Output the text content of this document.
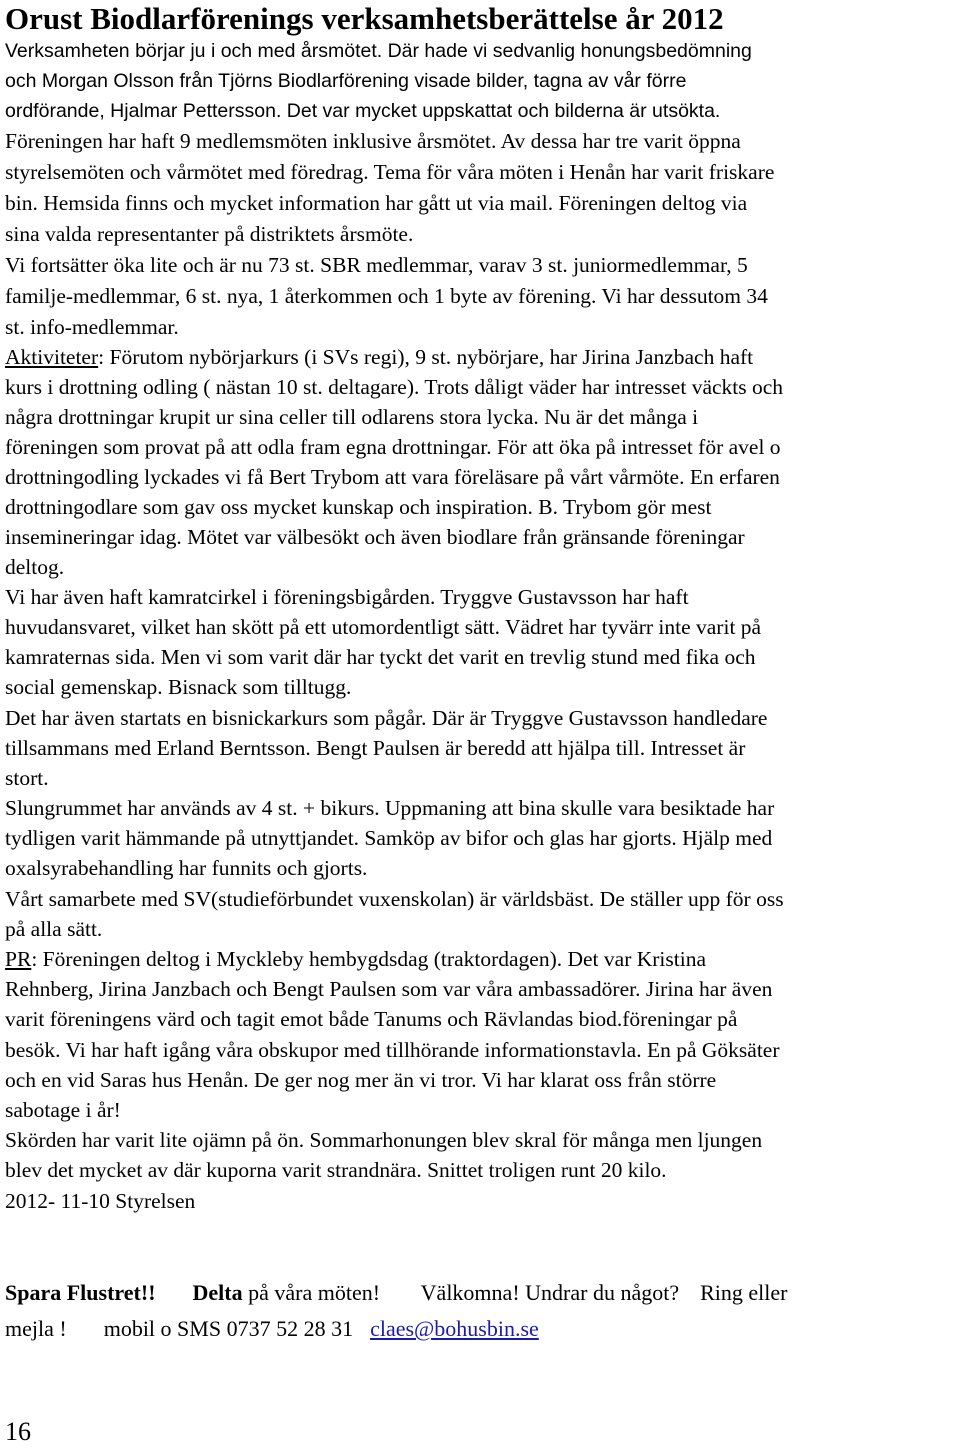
Orust Biodlarförenings verksamhetsberättelse år 2012

Verksamheten börjar ju i och med årsmötet. Där hade vi sedvanlig honungsbedömning

och Morgan Olsson från Tjörns Biodlarförening visade bilder, tagna av vår förre

ordförande, Hjalmar Pettersson. Det var mycket uppskattat och bilderna är utsökta.

Föreningen har haft 9 medlemsmöten inklusive årsmötet. Av dessa har tre varit öppna

styrelsemöten och vårmötet med föredrag. Tema för våra möten i Henån har varit friskare

bin. Hemsida finns och mycket information har gått ut via mail. Föreningen deltog via

sina valda representanter på distriktets årsmöte.

Vi fortsätter öka lite och är nu 73 st. SBR medlemmar, varav 3 st. juniormedlemmar, 5

familje-medlemmar, 6 st. nya, 1 återkommen och 1 byte av förening. Vi har dessutom 34

st. info-medlemmar.

Aktiviteter: Förutom nybörjarkurs (i SVs regi), 9 st. nybörjare, har Jirina Janzbach haft

kurs i drottning odling ( nästan 10 st. deltagare). Trots dåligt väder har intresset väckts och

några drottningar krupit ur sina celler till odlarens stora lycka. Nu är det många i

föreningen som provat på att odla fram egna drottningar. För att öka på intresset för avel o

drottningodling lyckades vi få Bert Trybom att vara föreläsare på vårt vårmöte. En erfaren

drottningodlare som gav oss mycket kunskap och inspiration. B. Trybom gör mest

insemineringar idag. Mötet var välbesökt och även biodlare från gränsande föreningar

deltog.

Vi har även haft kamratcirkel i föreningsbigården. Tryggve Gustavsson har haft

huvudansvaret, vilket han skött på ett utomordentligt sätt. Vädret har tyvärr inte varit på

kamraternas sida. Men vi som varit där har tyckt det varit en trevlig stund med fika och

social gemenskap. Bisnack som tilltugg.

Det har även startats en bisnickarkurs som pågår. Där är Tryggve Gustavsson handledare

tillsammans med Erland Berntsson. Bengt Paulsen är beredd att hjälpa till. Intresset är

stort.

Slungrummet har används av 4 st. + bikurs. Uppmaning att bina skulle vara besiktade har

tydligen varit hämmande på utnyttjandet. Samköp av bifor och glas har gjorts. Hjälp med

oxalsyrabehandling har funnits och gjorts.

Vårt samarbete med SV(studieförbundet vuxenskolan) är världsbäst. De ställer upp för oss

på alla sätt.

PR: Föreningen deltog i Myckleby hembygdsdag (traktordagen). Det var Kristina

Rehnberg, Jirina Janzbach och Bengt Paulsen som var våra ambassadörer. Jirina har även

varit föreningens värd och tagit emot både Tanums och Rävlandas biod.föreningar på

besök. Vi har haft igång våra obskupor med tillhörande informationstavla. En på Göksäter

och en vid Saras hus Henån. De ger nog mer än vi tror. Vi har klarat oss från större

sabotage i år!

Skörden har varit lite ojämn på ön. Sommarhonungen blev skral för många men ljungen

blev det mycket av där kuporna varit strandnära. Snittet troligen runt 20 kilo.

2012- 11-10 Styrelsen

Spara Flustret!! Delta på våra möten! Välkomna! Undrar du något? Ring eller
mejla ! mobil o SMS 0737 52 28 31 claes@bohusbin.se
16
